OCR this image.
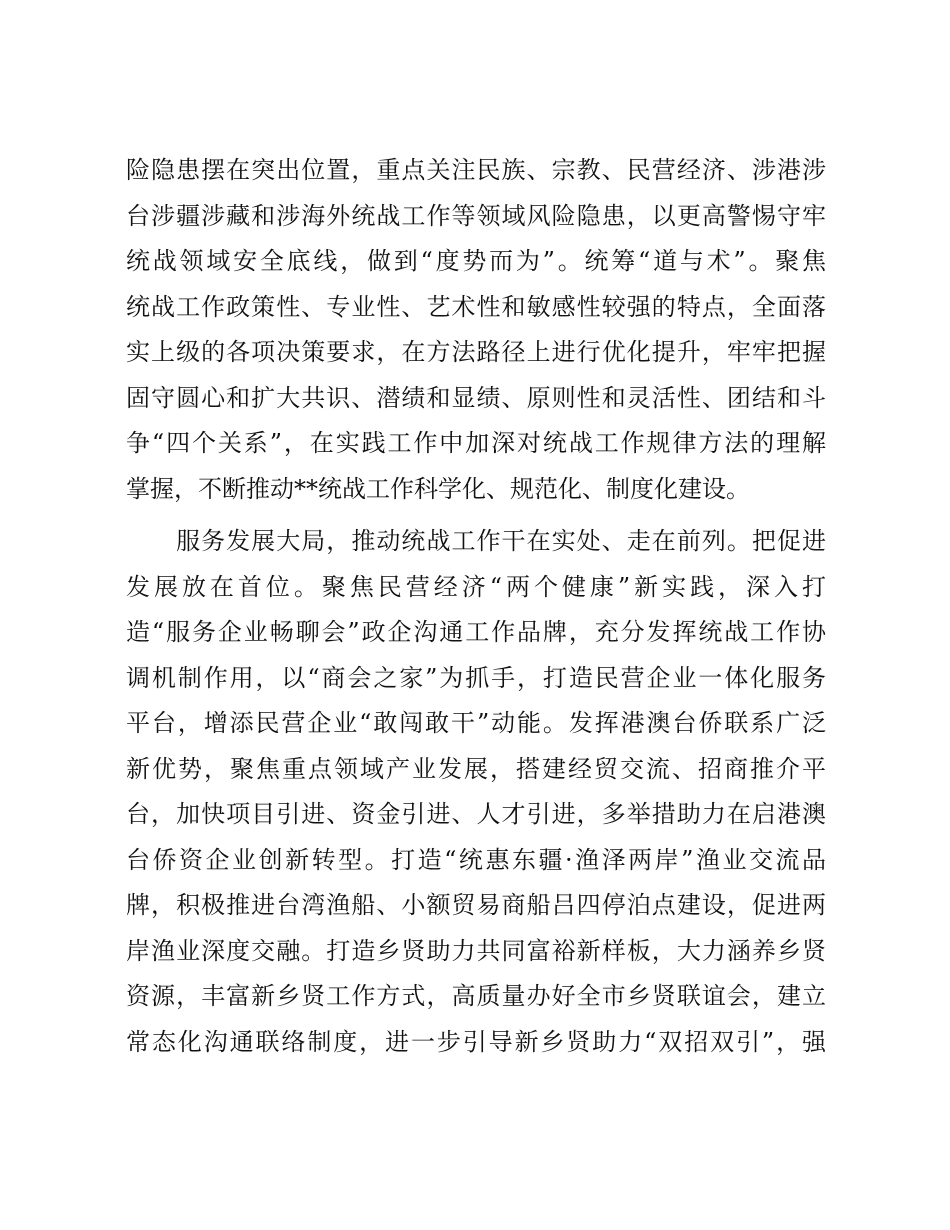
险隐患摆在突出位置，重点关注民族、宗教、民营经济、涉港涉
台涉疆涉藏和涉海外统战工作等领域风险隐患，以更高警惕守牢
统战领域安全底线，做到“度势而为”。统筹“道与术”。聚焦
统战工作政策性、专业性、艺术性和敏感性较强的特点，全面落
实上级的各项决策要求，在方法路径上进行优化提升，牢牢把握
固守圆心和扩大共识、潜绩和显绩、原则性和灵活性、团结和斗
争“四个关系”，在实践工作中加深对统战工作规律方法的理解
掌握，不断推动**统战工作科学化、规范化、制度化建设。
　　服务发展大局，推动统战工作干在实处、走在前列。把促进
发展放在首位。聚焦民营经济“两个健康”新实践，深入打
造“服务企业畅聊会”政企沟通工作品牌，充分发挥统战工作协
调机制作用，以“商会之家”为抓手，打造民营企业一体化服务
平台，增添民营企业“敢闯敢干”动能。发挥港澳台侨联系广泛
新优势，聚焦重点领域产业发展，搭建经贸交流、招商推介平
台，加快项目引进、资金引进、人才引进，多举措助力在启港澳
台侨资企业创新转型。打造“统惠东疆·渔泽两岸”渔业交流品
牌，积极推进台湾渔船、小额贸易商船吕四停泊点建设，促进两
岸渔业深度交融。打造乡贤助力共同富裕新样板，大力涵养乡贤
资源，丰富新乡贤工作方式，高质量办好全市乡贤联谊会，建立
常态化沟通联络制度，进一步引导新乡贤助力“双招双引”，强
